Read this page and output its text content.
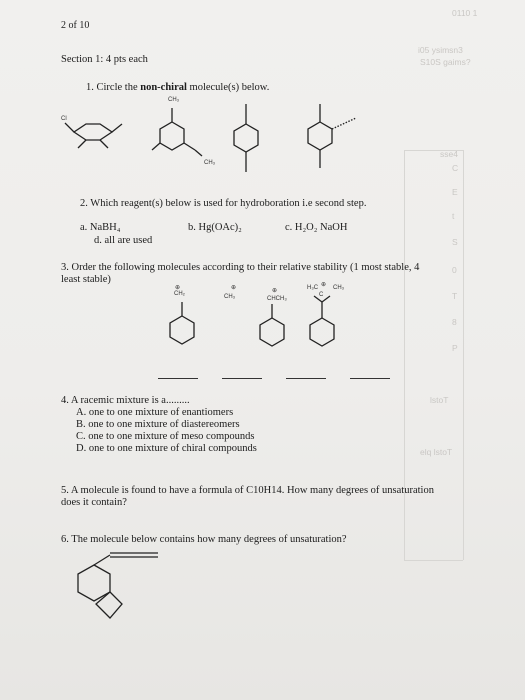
0110 1
i05 ysimsn3
S10S gaims?
sse4
C
E
t
S
0
T
8
P
lstoT
elq lstoT
2 of 10
Section 1: 4 pts each
1. Circle the non-chiral molecule(s) below.
Cl
CH₃
CH₃
2. Which reagent(s) below is used for hydroboration i.e second step.
a. NaBH₄	b. Hg(OAc)₂	c. H₂O₂ NaOH
d. all are used
3. Order the following molecules according to their relative stability (1 most stable, 4
least stable)
⊕
CH₂
⊕
CH₃
⊕
CHCH₃
H₃C ⊕ CH₃
C
4. A racemic mixture is a.........
A. one to one mixture of enantiomers
B. one to one mixture of diastereomers
C. one to one mixture of meso compounds
D. one to one mixture of chiral compounds
5. A molecule is found to have a formula of C10H14. How many degrees of unsaturation
does it contain?
6. The molecule below contains how many degrees of unsaturation?
